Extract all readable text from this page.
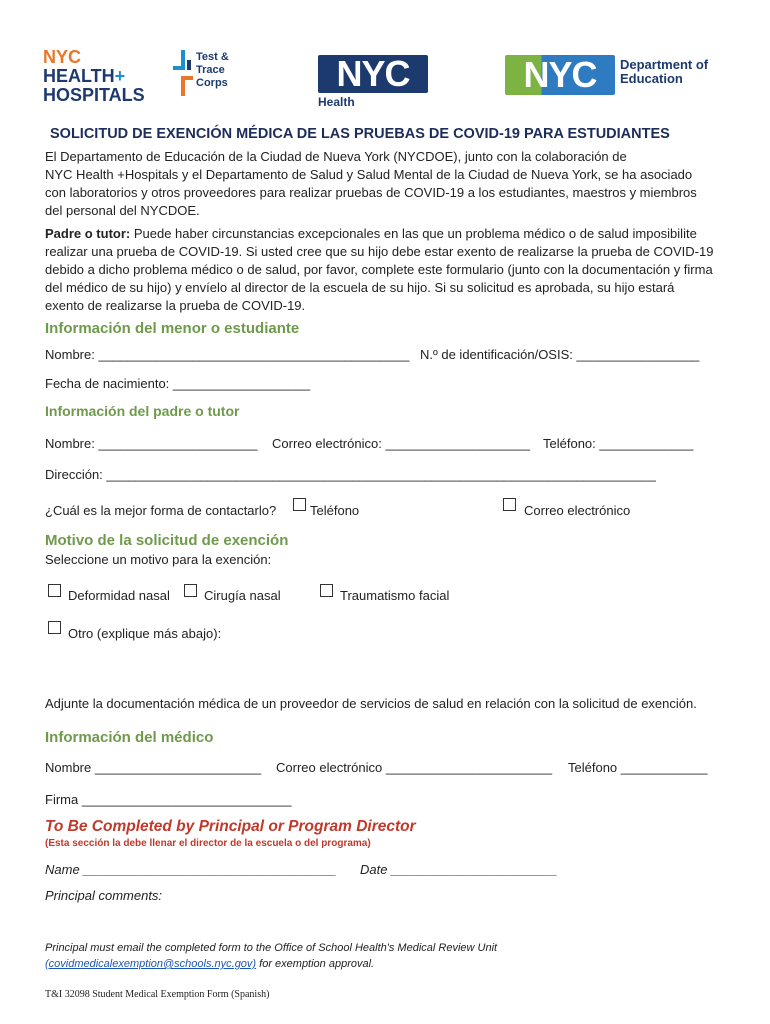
NYC
HEALTH+
HOSPITALS
Test &
Trace
Corps	NYC
Health
NYC	Department of
Education
SOLICITUD DE EXENCIÓN MÉDICA DE LAS PRUEBAS DE COVID-19 PARA ESTUDIANTES
El Departamento de Educación de la Ciudad de Nueva York (NYCDOE), junto con la colaboración de
NYC Health +Hospitals y el Departamento de Salud y Salud Mental de la Ciudad de Nueva York, se ha asociado
con laboratorios y otros proveedores para realizar pruebas de COVID-19 a los estudiantes, maestros y miembros
del personal del NYCDOE.
Padre o tutor: Puede haber circunstancias excepcionales en las que un problema médico o de salud imposibilite
realizar una prueba de COVID-19. Si usted cree que su hijo debe estar exento de realizarse la prueba de COVID-19
debido a dicho problema médico o de salud, por favor, complete este formulario (junto con la documentación y firma
del médico de su hijo) y envíelo al director de la escuela de su hijo. Si su solicitud es aprobada, su hijo estará
exento de realizarse la prueba de COVID-19.
Información del menor o estudiante
Nombre: ___________________________________________ N.º de identificación/OSIS: _________________
Fecha de nacimiento: ___________________
Información del padre o tutor
Nombre: ______________________ Correo electrónico: ____________________ Teléfono: _____________
Dirección: ____________________________________________________________________________
¿Cuál es la mejor forma de contactarlo?	Teléfono	Correo electrónico
Motivo de la solicitud de exención
Seleccione un motivo para la exención:
Deformidad nasal	Cirugía nasal	Traumatismo facial
Otro (explique más abajo):
Adjunte la documentación médica de un proveedor de servicios de salud en relación con la solicitud de exención.
Información del médico
Nombre _______________________ Correo electrónico _______________________ Teléfono ____________
Firma _____________________________
To Be Completed by Principal or Program Director
(Esta sección la debe llenar el director de la escuela o del programa)
Name ___________________________________ Date _______________________
Principal comments:
Principal must email the completed form to the Office of School Health's Medical Review Unit
(covidmedicalexemption@schools.nyc.gov) for exemption approval.
T&I 32098 Student Medical Exemption Form (Spanish)
